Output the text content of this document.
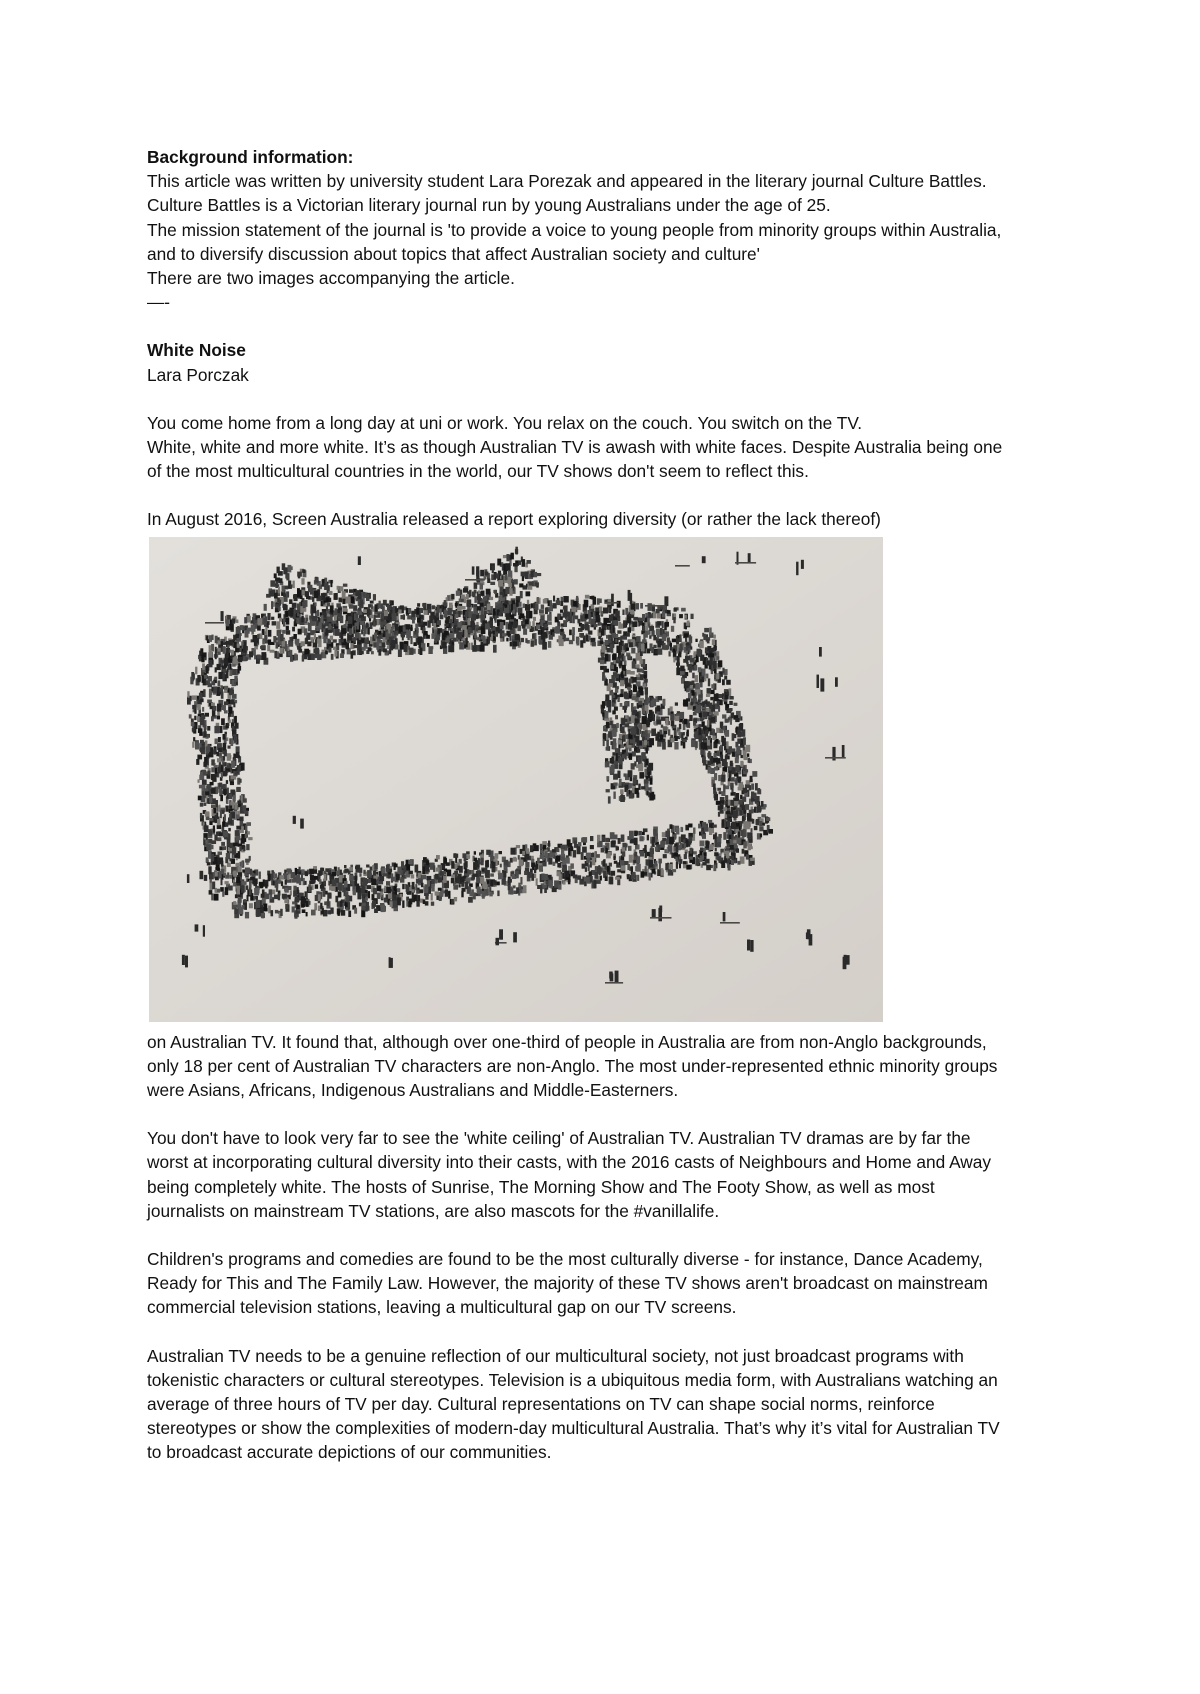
Background information:
This article was written by university student Lara Porezak and appeared in the literary journal Culture Battles.
Culture Battles is a Victorian literary journal run by young Australians under the age of 25.
The mission statement of the journal is 'to provide a voice to young people from minority groups within Australia,
and to diversify discussion about topics that affect Australian society and culture'
There are two images accompanying the article.
—-
White Noise
Lara Porczak
You come home from a long day at uni or work. You relax on the couch. You switch on the TV.
White, white and more white. It’s as though Australian TV is awash with white faces. Despite Australia being one
of the most multicultural countries in the world, our TV shows don't seem to reflect this.
In August 2016, Screen Australia released a report exploring diversity (or rather the lack thereof)
on Australian TV. It found that, although over one-third of people in Australia are from non-Anglo backgrounds,
only 18 per cent of Australian TV characters are non-Anglo. The most under-represented ethnic minority groups
were Asians, Africans, Indigenous Australians and Middle-Easterners.
You don't have to look very far to see the 'white ceiling' of Australian TV. Australian TV dramas are by far the
worst at incorporating cultural diversity into their casts, with the 2016 casts of Neighbours and Home and Away
being completely white. The hosts of Sunrise, The Morning Show and The Footy Show, as well as most
journalists on mainstream TV stations, are also mascots for the #vanillalife.
Children's programs and comedies are found to be the most culturally diverse - for instance, Dance Academy,
Ready for This and The Family Law. However, the majority of these TV shows aren't broadcast on mainstream
commercial television stations, leaving a multicultural gap on our TV screens.
Australian TV needs to be a genuine reflection of our multicultural society, not just broadcast programs with
tokenistic characters or cultural stereotypes. Television is a ubiquitous media form, with Australians watching an
average of three hours of TV per day. Cultural representations on TV can shape social norms, reinforce
stereotypes or show the complexities of modern-day multicultural Australia. That’s why it’s vital for Australian TV
to broadcast accurate depictions of our communities.
